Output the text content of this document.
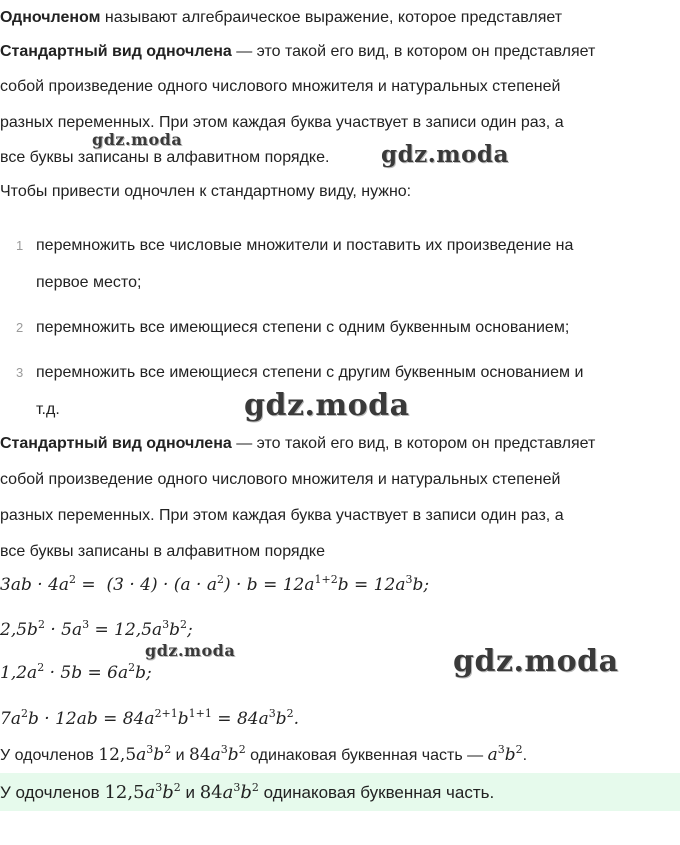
Одночленом называют алгебраическое выражение, которое представляет
Стандартный вид одночлена — это такой его вид, в котором он представляет
собой произведение одного числового множителя и натуральных степеней
разных переменных. При этом каждая буква участвует в записи один раз, а
все буквы записаны в алфавитном порядке.
Чтобы привести одночлен к стандартному виду, нужно:
1 перемножить все числовые множители и поставить их произведение на
первое место;
2 перемножить все имеющиеся степени с одним буквенным основанием;
3 перемножить все имеющиеся степени с другим буквенным основанием и
т.д.
Стандартный вид одночлена — это такой его вид, в котором он представляет
собой произведение одного числового множителя и натуральных степеней
разных переменных. При этом каждая буква участвует в записи один раз, а
все буквы записаны в алфавитном порядке
$3ab \cdot 4a^2 = (3 \cdot 4) \cdot (a \cdot a^2) \cdot b = 12a^{1+2}b = 12a^3b$;
$2,5b^2 \cdot 5a^3 = 12,5a^3b^2$;
$1,2a^2 \cdot 5b = 6a^2b$;
$7a^2b \cdot 12ab = 84a^{2+1}b^{1+1} = 84a^3b^2$.
У одочленов $12,5a^3b^2$ и $84a^3b^2$ одинаковая буквенная часть — $a^3b^2$.
У одочленов $12,5a^3b^2$ и $84a^3b^2$ одинаковая буквенная часть.
gdz.moda
gdz.moda
gdz.moda
gdz.moda	gdz.moda
